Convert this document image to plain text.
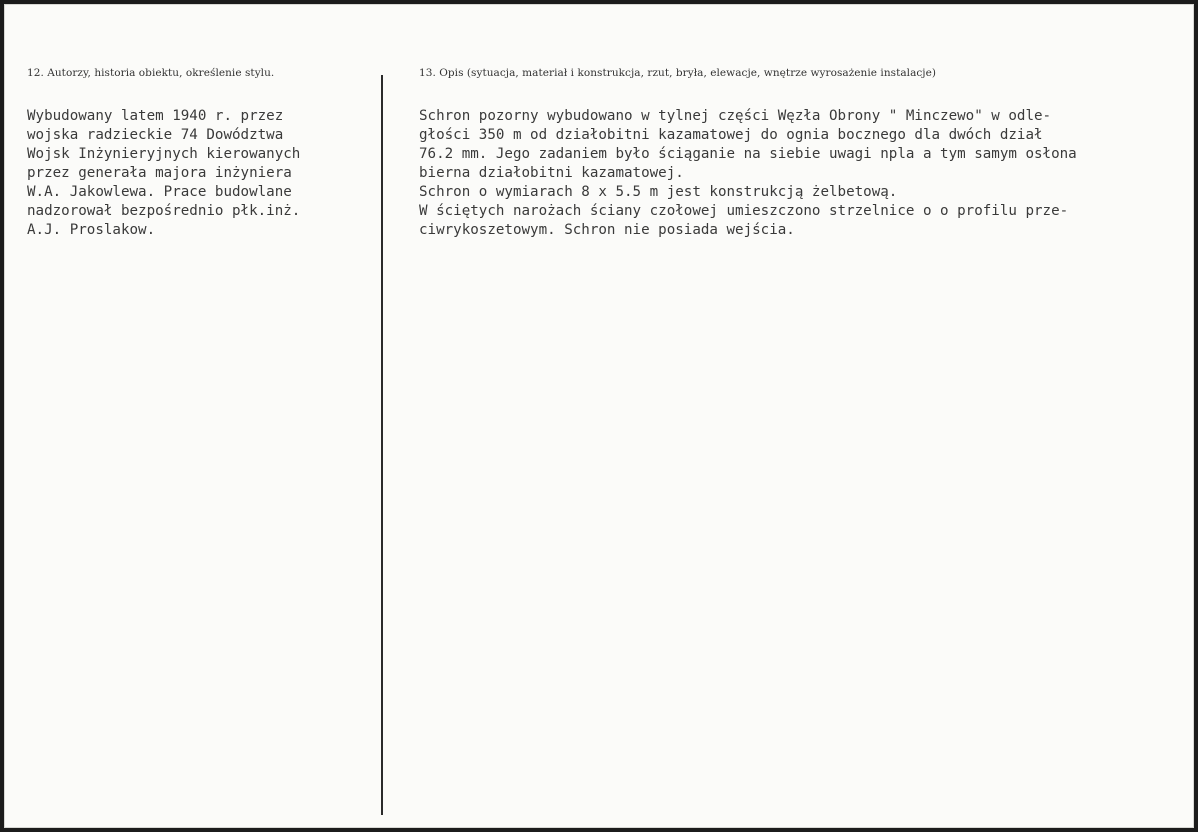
12. Autorzy, historia obiektu, określenie stylu.

Wybudowany latem 1940 r. przez
wojska radzieckie 74 Dowództwa
Wojsk Inżynieryjnych kierowanych
przez generała majora inżyniera
W.A. Jakowlewa. Prace budowlane
nadzorował bezpośrednio płk.inż.
A.J. Proslakow.

13. Opis (sytuacja, materiał i konstrukcja, rzut, bryła, elewacje, wnętrze wyrosażenie instalacje)

Schron pozorny wybudowano w tylnej części Węzła Obrony " Minczewo" w odle-
głości 350 m od działobitni kazamatowej do ognia bocznego dla dwóch dział
76.2 mm. Jego zadaniem było ściąganie na siebie uwagi npla a tym samym osłona
bierna działobitni kazamatowej.
Schron o wymiarach 8 x 5.5 m jest konstrukcją żelbetową.
W ściętych narożach ściany czołowej umieszczono strzelnice o o profilu prze-
ciwrykoszetowym. Schron nie posiada wejścia.
